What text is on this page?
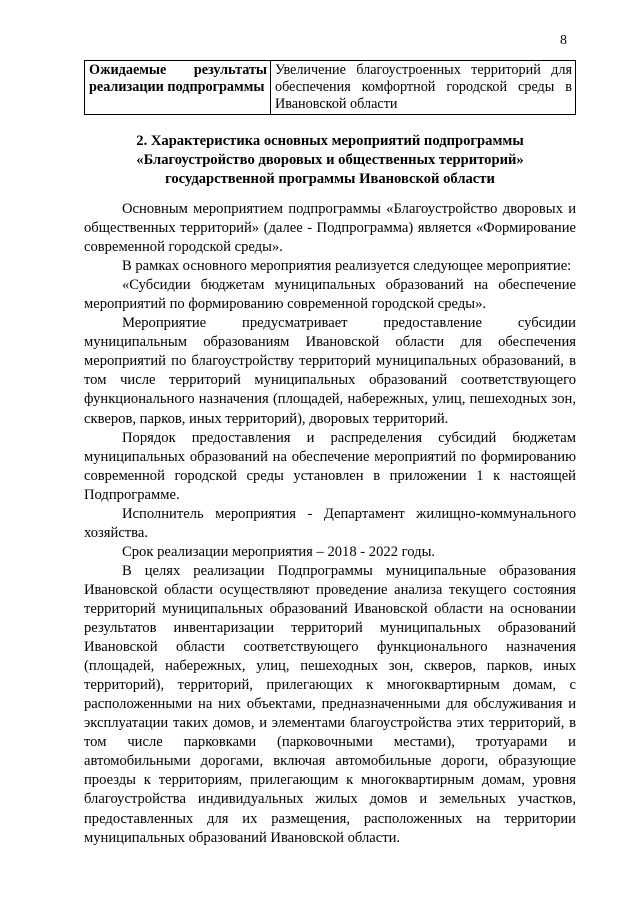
8
Ожидаемые результаты реализации подпрограммы	Увеличение благоустроенных территорий для обеспечения комфортной городской среды в Ивановской области
2. Характеристика основных мероприятий подпрограммы
«Благоустройство дворовых и общественных территорий»
государственной программы Ивановской области

Основным мероприятием подпрограммы «Благоустройство дворовых и общественных территорий» (далее - Подпрограмма) является «Формирование современной городской среды».

В рамках основного мероприятия реализуется следующее мероприятие:

«Субсидии бюджетам муниципальных образований на обеспечение мероприятий по формированию современной городской среды».

Мероприятие предусматривает предоставление субсидии муниципальным образованиям Ивановской области для обеспечения мероприятий по благоустройству территорий муниципальных образований, в том числе территорий муниципальных образований соответствующего функционального назначения (площадей, набережных, улиц, пешеходных зон, скверов, парков, иных территорий), дворовых территорий.

Порядок предоставления и распределения субсидий бюджетам муниципальных образований на обеспечение мероприятий по формированию современной городской среды установлен в приложении 1 к настоящей Подпрограмме.

Исполнитель мероприятия - Департамент жилищно-коммунального хозяйства.

Срок реализации мероприятия – 2018 - 2022 годы.

В целях реализации Подпрограммы муниципальные образования Ивановской области осуществляют проведение анализа текущего состояния территорий муниципальных образований Ивановской области на основании результатов инвентаризации территорий муниципальных образований Ивановской области соответствующего функционального назначения (площадей, набережных, улиц, пешеходных зон, скверов, парков, иных территорий), территорий, прилегающих к многоквартирным домам, с расположенными на них объектами, предназначенными для обслуживания и эксплуатации таких домов, и элементами благоустройства этих территорий, в том числе парковками (парковочными местами), тротуарами и автомобильными дорогами, включая автомобильные дороги, образующие проезды к территориям, прилегающим к многоквартирным домам, уровня благоустройства индивидуальных жилых домов и земельных участков, предоставленных для их размещения, расположенных на территории муниципальных образований Ивановской области.
